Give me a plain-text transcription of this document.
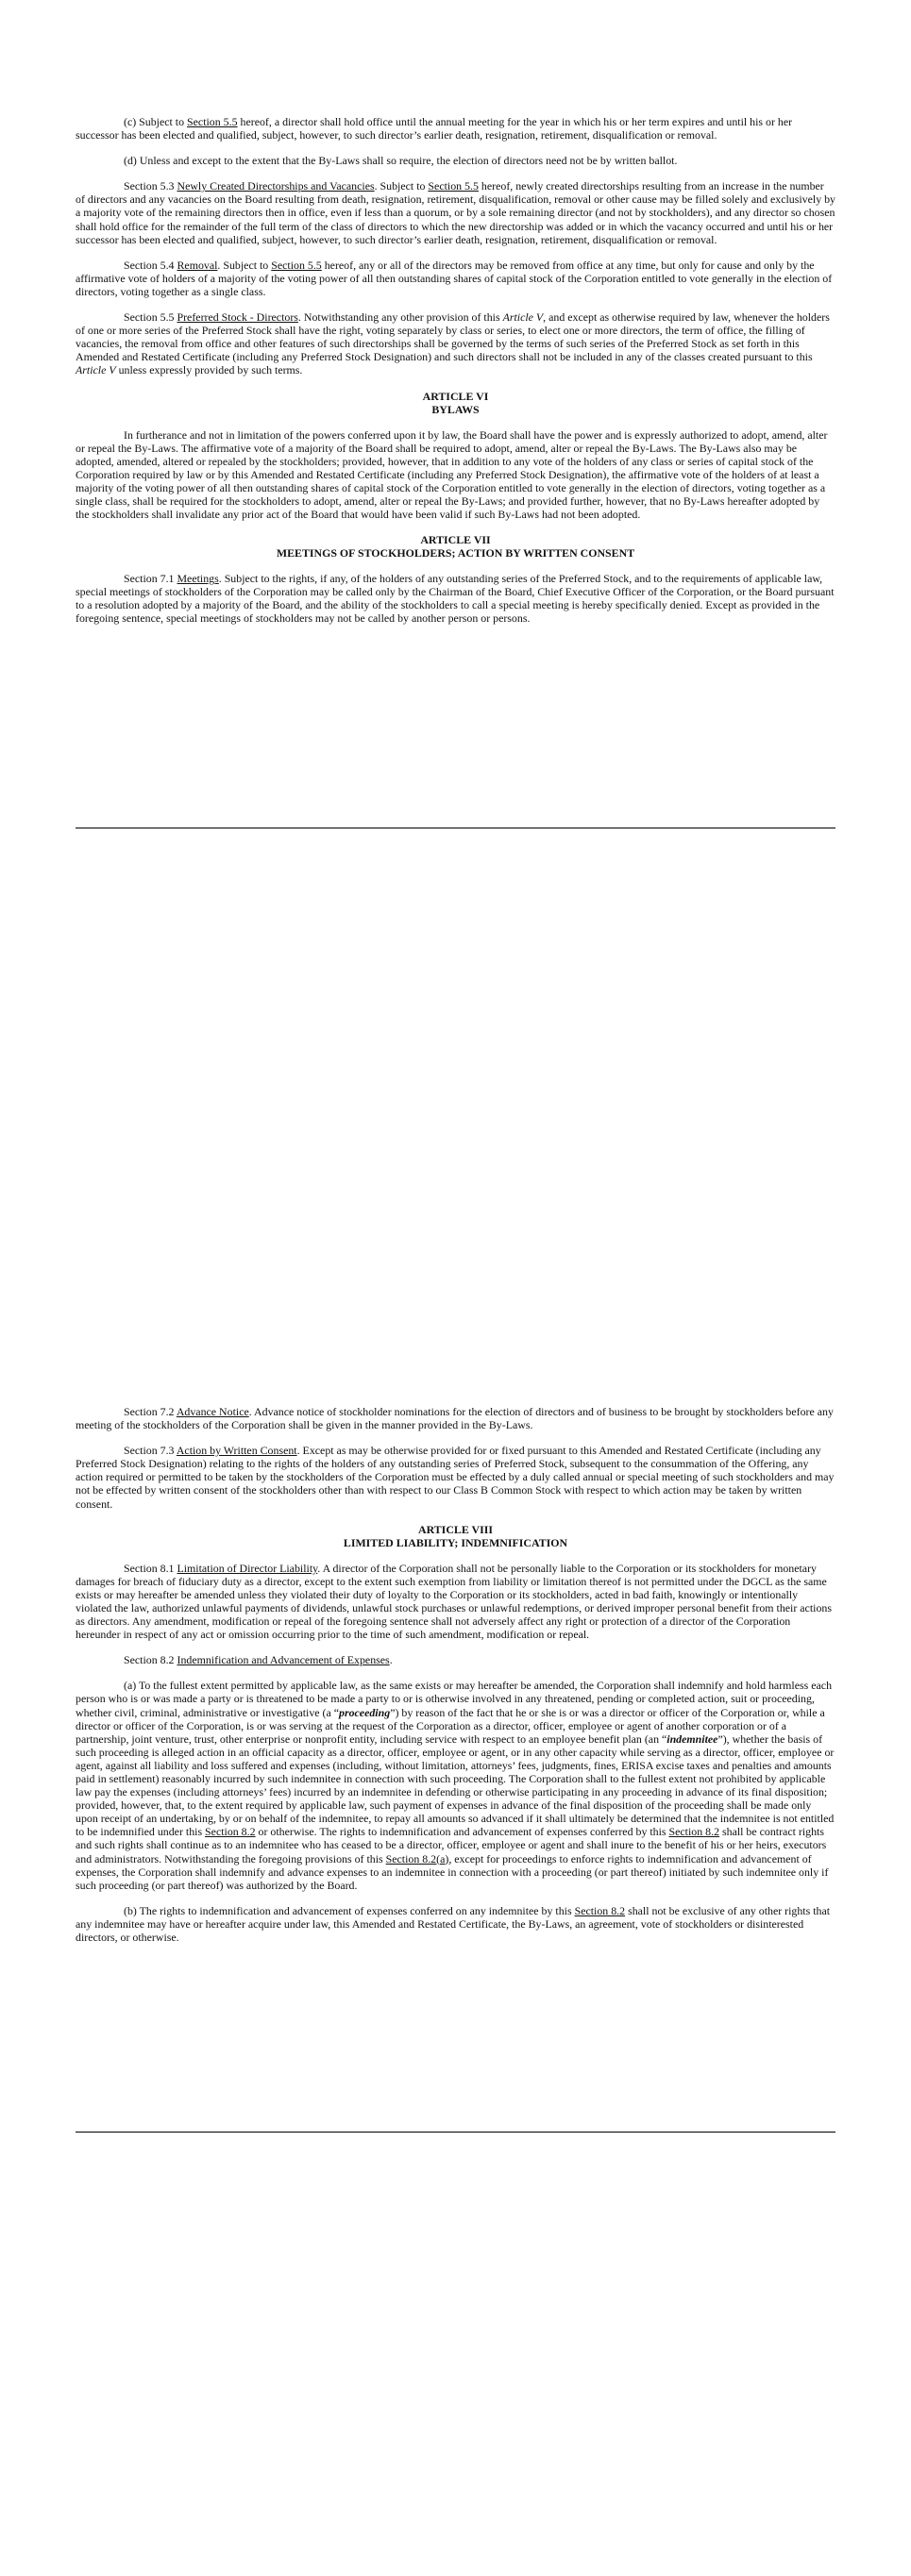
(c) Subject to Section 5.5 hereof, a director shall hold office until the annual meeting for the year in which his or her term expires and until his or her successor has been elected and qualified, subject, however, to such director’s earlier death, resignation, retirement, disqualification or removal.

(d) Unless and except to the extent that the By-Laws shall so require, the election of directors need not be by written ballot.

Section 5.3 Newly Created Directorships and Vacancies. Subject to Section 5.5 hereof, newly created directorships resulting from an increase in the number of directors and any vacancies on the Board resulting from death, resignation, retirement, disqualification, removal or other cause may be filled solely and exclusively by a majority vote of the remaining directors then in office, even if less than a quorum, or by a sole remaining director (and not by stockholders), and any director so chosen shall hold office for the remainder of the full term of the class of directors to which the new directorship was added or in which the vacancy occurred and until his or her successor has been elected and qualified, subject, however, to such director’s earlier death, resignation, retirement, disqualification or removal.

Section 5.4 Removal. Subject to Section 5.5 hereof, any or all of the directors may be removed from office at any time, but only for cause and only by the affirmative vote of holders of a majority of the voting power of all then outstanding shares of capital stock of the Corporation entitled to vote generally in the election of directors, voting together as a single class.

Section 5.5 Preferred Stock - Directors. Notwithstanding any other provision of this Article V, and except as otherwise required by law, whenever the holders of one or more series of the Preferred Stock shall have the right, voting separately by class or series, to elect one or more directors, the term of office, the filling of vacancies, the removal from office and other features of such directorships shall be governed by the terms of such series of the Preferred Stock as set forth in this Amended and Restated Certificate (including any Preferred Stock Designation) and such directors shall not be included in any of the classes created pursuant to this Article V unless expressly provided by such terms.

ARTICLE VI
BYLAWS

In furtherance and not in limitation of the powers conferred upon it by law, the Board shall have the power and is expressly authorized to adopt, amend, alter or repeal the By-Laws. The affirmative vote of a majority of the Board shall be required to adopt, amend, alter or repeal the By-Laws. The By-Laws also may be adopted, amended, altered or repealed by the stockholders; provided, however, that in addition to any vote of the holders of any class or series of capital stock of the Corporation required by law or by this Amended and Restated Certificate (including any Preferred Stock Designation), the affirmative vote of the holders of at least a majority of the voting power of all then outstanding shares of capital stock of the Corporation entitled to vote generally in the election of directors, voting together as a single class, shall be required for the stockholders to adopt, amend, alter or repeal the By-Laws; and provided further, however, that no By-Laws hereafter adopted by the stockholders shall invalidate any prior act of the Board that would have been valid if such By-Laws had not been adopted.

ARTICLE VII
MEETINGS OF STOCKHOLDERS; ACTION BY WRITTEN CONSENT

Section 7.1 Meetings. Subject to the rights, if any, of the holders of any outstanding series of the Preferred Stock, and to the requirements of applicable law, special meetings of stockholders of the Corporation may be called only by the Chairman of the Board, Chief Executive Officer of the Corporation, or the Board pursuant to a resolution adopted by a majority of the Board, and the ability of the stockholders to call a special meeting is hereby specifically denied. Except as provided in the foregoing sentence, special meetings of stockholders may not be called by another person or persons.

Section 7.2 Advance Notice. Advance notice of stockholder nominations for the election of directors and of business to be brought by stockholders before any meeting of the stockholders of the Corporation shall be given in the manner provided in the By-Laws.

Section 7.3 Action by Written Consent. Except as may be otherwise provided for or fixed pursuant to this Amended and Restated Certificate (including any Preferred Stock Designation) relating to the rights of the holders of any outstanding series of Preferred Stock, subsequent to the consummation of the Offering, any action required or permitted to be taken by the stockholders of the Corporation must be effected by a duly called annual or special meeting of such stockholders and may not be effected by written consent of the stockholders other than with respect to our Class B Common Stock with respect to which action may be taken by written consent.

ARTICLE VIII
LIMITED LIABILITY; INDEMNIFICATION

Section 8.1 Limitation of Director Liability. A director of the Corporation shall not be personally liable to the Corporation or its stockholders for monetary damages for breach of fiduciary duty as a director, except to the extent such exemption from liability or limitation thereof is not permitted under the DGCL as the same exists or may hereafter be amended unless they violated their duty of loyalty to the Corporation or its stockholders, acted in bad faith, knowingly or intentionally violated the law, authorized unlawful payments of dividends, unlawful stock purchases or unlawful redemptions, or derived improper personal benefit from their actions as directors. Any amendment, modification or repeal of the foregoing sentence shall not adversely affect any right or protection of a director of the Corporation hereunder in respect of any act or omission occurring prior to the time of such amendment, modification or repeal.

Section 8.2 Indemnification and Advancement of Expenses.

(a) To the fullest extent permitted by applicable law, as the same exists or may hereafter be amended, the Corporation shall indemnify and hold harmless each person who is or was made a party or is threatened to be made a party to or is otherwise involved in any threatened, pending or completed action, suit or proceeding, whether civil, criminal, administrative or investigative (a “proceeding”) by reason of the fact that he or she is or was a director or officer of the Corporation or, while a director or officer of the Corporation, is or was serving at the request of the Corporation as a director, officer, employee or agent of another corporation or of a partnership, joint venture, trust, other enterprise or nonprofit entity, including service with respect to an employee benefit plan (an “indemnitee”), whether the basis of such proceeding is alleged action in an official capacity as a director, officer, employee or agent, or in any other capacity while serving as a director, officer, employee or agent, against all liability and loss suffered and expenses (including, without limitation, attorneys’ fees, judgments, fines, ERISA excise taxes and penalties and amounts paid in settlement) reasonably incurred by such indemnitee in connection with such proceeding. The Corporation shall to the fullest extent not prohibited by applicable law pay the expenses (including attorneys’ fees) incurred by an indemnitee in defending or otherwise participating in any proceeding in advance of its final disposition; provided, however, that, to the extent required by applicable law, such payment of expenses in advance of the final disposition of the proceeding shall be made only upon receipt of an undertaking, by or on behalf of the indemnitee, to repay all amounts so advanced if it shall ultimately be determined that the indemnitee is not entitled to be indemnified under this Section 8.2 or otherwise. The rights to indemnification and advancement of expenses conferred by this Section 8.2 shall be contract rights and such rights shall continue as to an indemnitee who has ceased to be a director, officer, employee or agent and shall inure to the benefit of his or her heirs, executors and administrators. Notwithstanding the foregoing provisions of this Section 8.2(a), except for proceedings to enforce rights to indemnification and advancement of expenses, the Corporation shall indemnify and advance expenses to an indemnitee in connection with a proceeding (or part thereof) initiated by such indemnitee only if such proceeding (or part thereof) was authorized by the Board.

(b) The rights to indemnification and advancement of expenses conferred on any indemnitee by this Section 8.2 shall not be exclusive of any other rights that any indemnitee may have or hereafter acquire under law, this Amended and Restated Certificate, the By-Laws, an agreement, vote of stockholders or disinterested directors, or otherwise.
